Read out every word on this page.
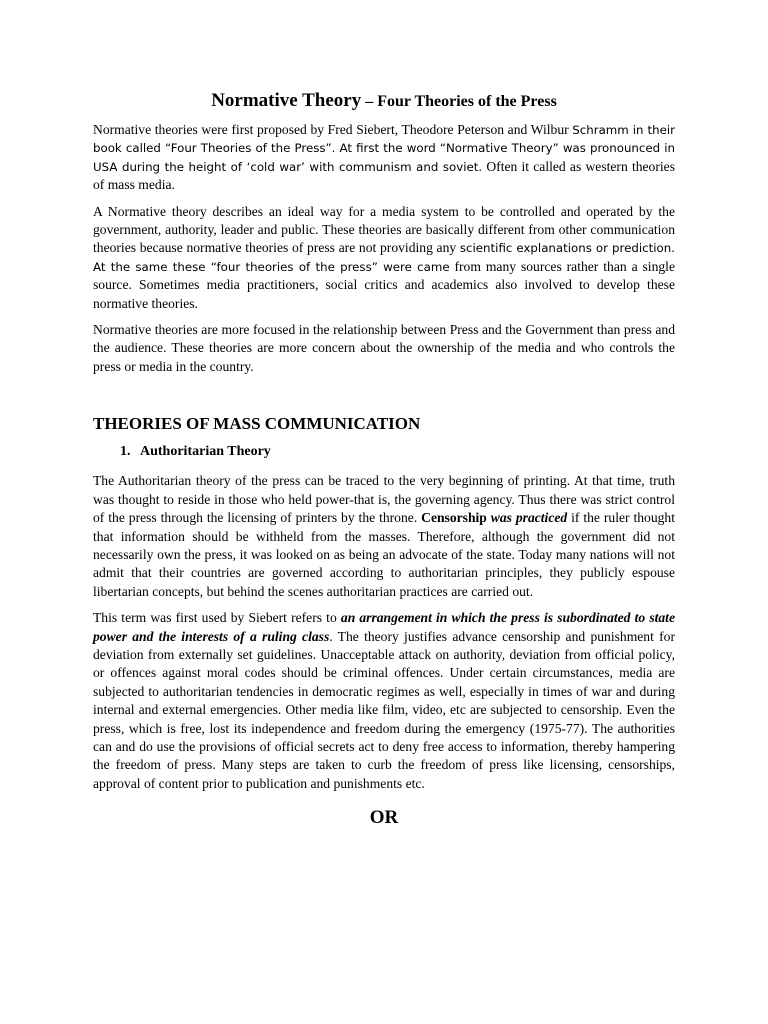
Normative Theory – Four Theories of the Press

Normative theories were first proposed by Fred Siebert, Theodore Peterson and Wilbur Schramm in their book called “Four Theories of the Press”. At first the word “Normative Theory” was pronounced in USA during the height of ‘cold war’ with communism and soviet. Often it called as western theories of mass media.

A Normative theory describes an ideal way for a media system to be controlled and operated by the government, authority, leader and public. These theories are basically different from other communication theories because normative theories of press are not providing any scientific explanations or prediction. At the same these “four theories of the press” were came from many sources rather than a single source. Sometimes media practitioners, social critics and academics also involved to develop these normative theories.

Normative theories are more focused in the relationship between Press and the Government than press and the audience. These theories are more concern about the ownership of the media and who controls the press or media in the country.

THEORIES OF MASS COMMUNICATION
1. Authoritarian Theory

The Authoritarian theory of the press can be traced to the very beginning of printing. At that time, truth was thought to reside in those who held power-that is, the governing agency. Thus there was strict control of the press through the licensing of printers by the throne. Censorship was practiced if the ruler thought that information should be withheld from the masses. Therefore, although the government did not necessarily own the press, it was looked on as being an advocate of the state. Today many nations will not admit that their countries are governed according to authoritarian principles, they publicly espouse libertarian concepts, but behind the scenes authoritarian practices are carried out.

This term was first used by Siebert refers to an arrangement in which the press is subordinated to state power and the interests of a ruling class. The theory justifies advance censorship and punishment for deviation from externally set guidelines. Unacceptable attack on authority, deviation from official policy, or offences against moral codes should be criminal offences. Under certain circumstances, media are subjected to authoritarian tendencies in democratic regimes as well, especially in times of war and during internal and external emergencies. Other media like film, video, etc are subjected to censorship. Even the press, which is free, lost its independence and freedom during the emergency (1975-77). The authorities can and do use the provisions of official secrets act to deny free access to information, thereby hampering the freedom of press. Many steps are taken to curb the freedom of press like licensing, censorships, approval of content prior to publication and punishments etc.

OR
